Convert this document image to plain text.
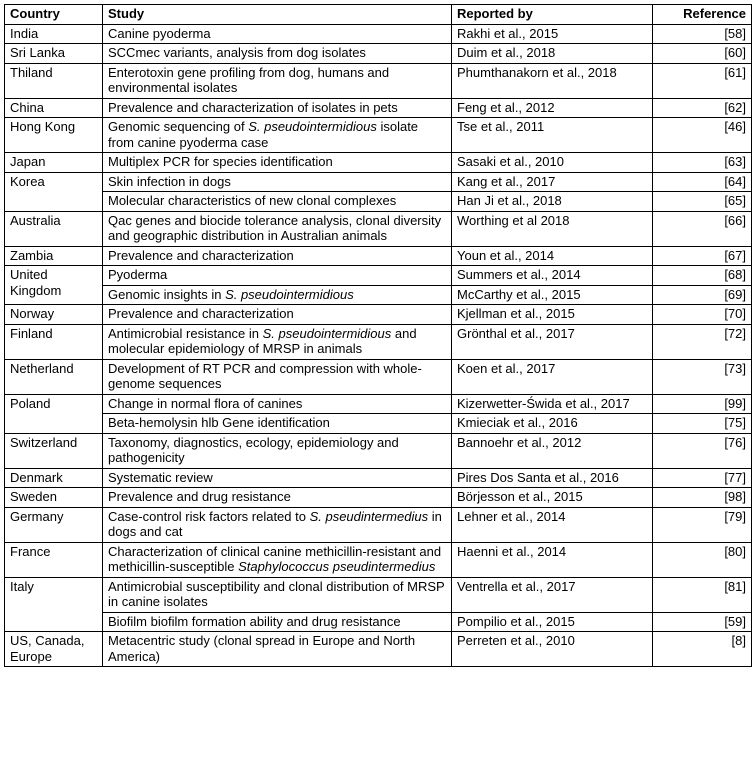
Country	Study	Reported by	Reference
India	Canine pyoderma	Rakhi et al., 2015	[58]
Sri Lanka	SCCmec variants, analysis from dog isolates	Duim et al., 2018	[60]
Thiland	Enterotoxin gene profiling from dog, humans and environmental isolates	Phumthanakorn et al., 2018	[61]
China	Prevalence and characterization of isolates in pets	Feng et al., 2012	[62]
Hong Kong	Genomic sequencing of S. pseudointermidious isolate from canine pyoderma case	Tse et al., 2011	[46]
Japan	Multiplex PCR for species identification	Sasaki et al., 2010	[63]
Korea	Skin infection in dogs	Kang et al., 2017	[64]
	Molecular characteristics of new clonal complexes	Han Ji et al., 2018	[65]
Australia	Qac genes and biocide tolerance analysis, clonal diversity and geographic distribution in Australian animals	Worthing et al 2018	[66]
Zambia	Prevalence and characterization	Youn et al., 2014	[67]
United Kingdom	Pyoderma	Summers et al., 2014	[68]
	Genomic insights in S. pseudointermidious	McCarthy et al., 2015	[69]
Norway	Prevalence and characterization	Kjellman et al., 2015	[70]
Finland	Antimicrobial resistance in S. pseudointermidious and molecular epidemiology of MRSP in animals	Grönthal et al., 2017	[72]
Netherland	Development of RT PCR and compression with whole-genome sequences	Koen et al., 2017	[73]
Poland	Change in normal flora of canines	Kizerwetter-Świda et al., 2017	[99]
	Beta-hemolysin hlb Gene identification	Kmieciak et al., 2016	[75]
Switzerland	Taxonomy, diagnostics, ecology, epidemiology and pathogenicity	Bannoehr et al., 2012	[76]
Denmark	Systematic review	Pires Dos Santa et al., 2016	[77]
Sweden	Prevalence and drug resistance	Börjesson et al., 2015	[98]
Germany	Case-control risk factors related to S. pseudintermedius in dogs and cat	Lehner et al., 2014	[79]
France	Characterization of clinical canine methicillin-resistant and methicillin-susceptible Staphylococcus pseudintermedius	Haenni et al., 2014	[80]
Italy	Antimicrobial susceptibility and clonal distribution of MRSP in canine isolates	Ventrella et al., 2017	[81]
	Biofilm biofilm formation ability and drug resistance	Pompilio et al., 2015	[59]
US, Canada, Europe	Metacentric study (clonal spread in Europe and North America)	Perreten et al., 2010	[8]
